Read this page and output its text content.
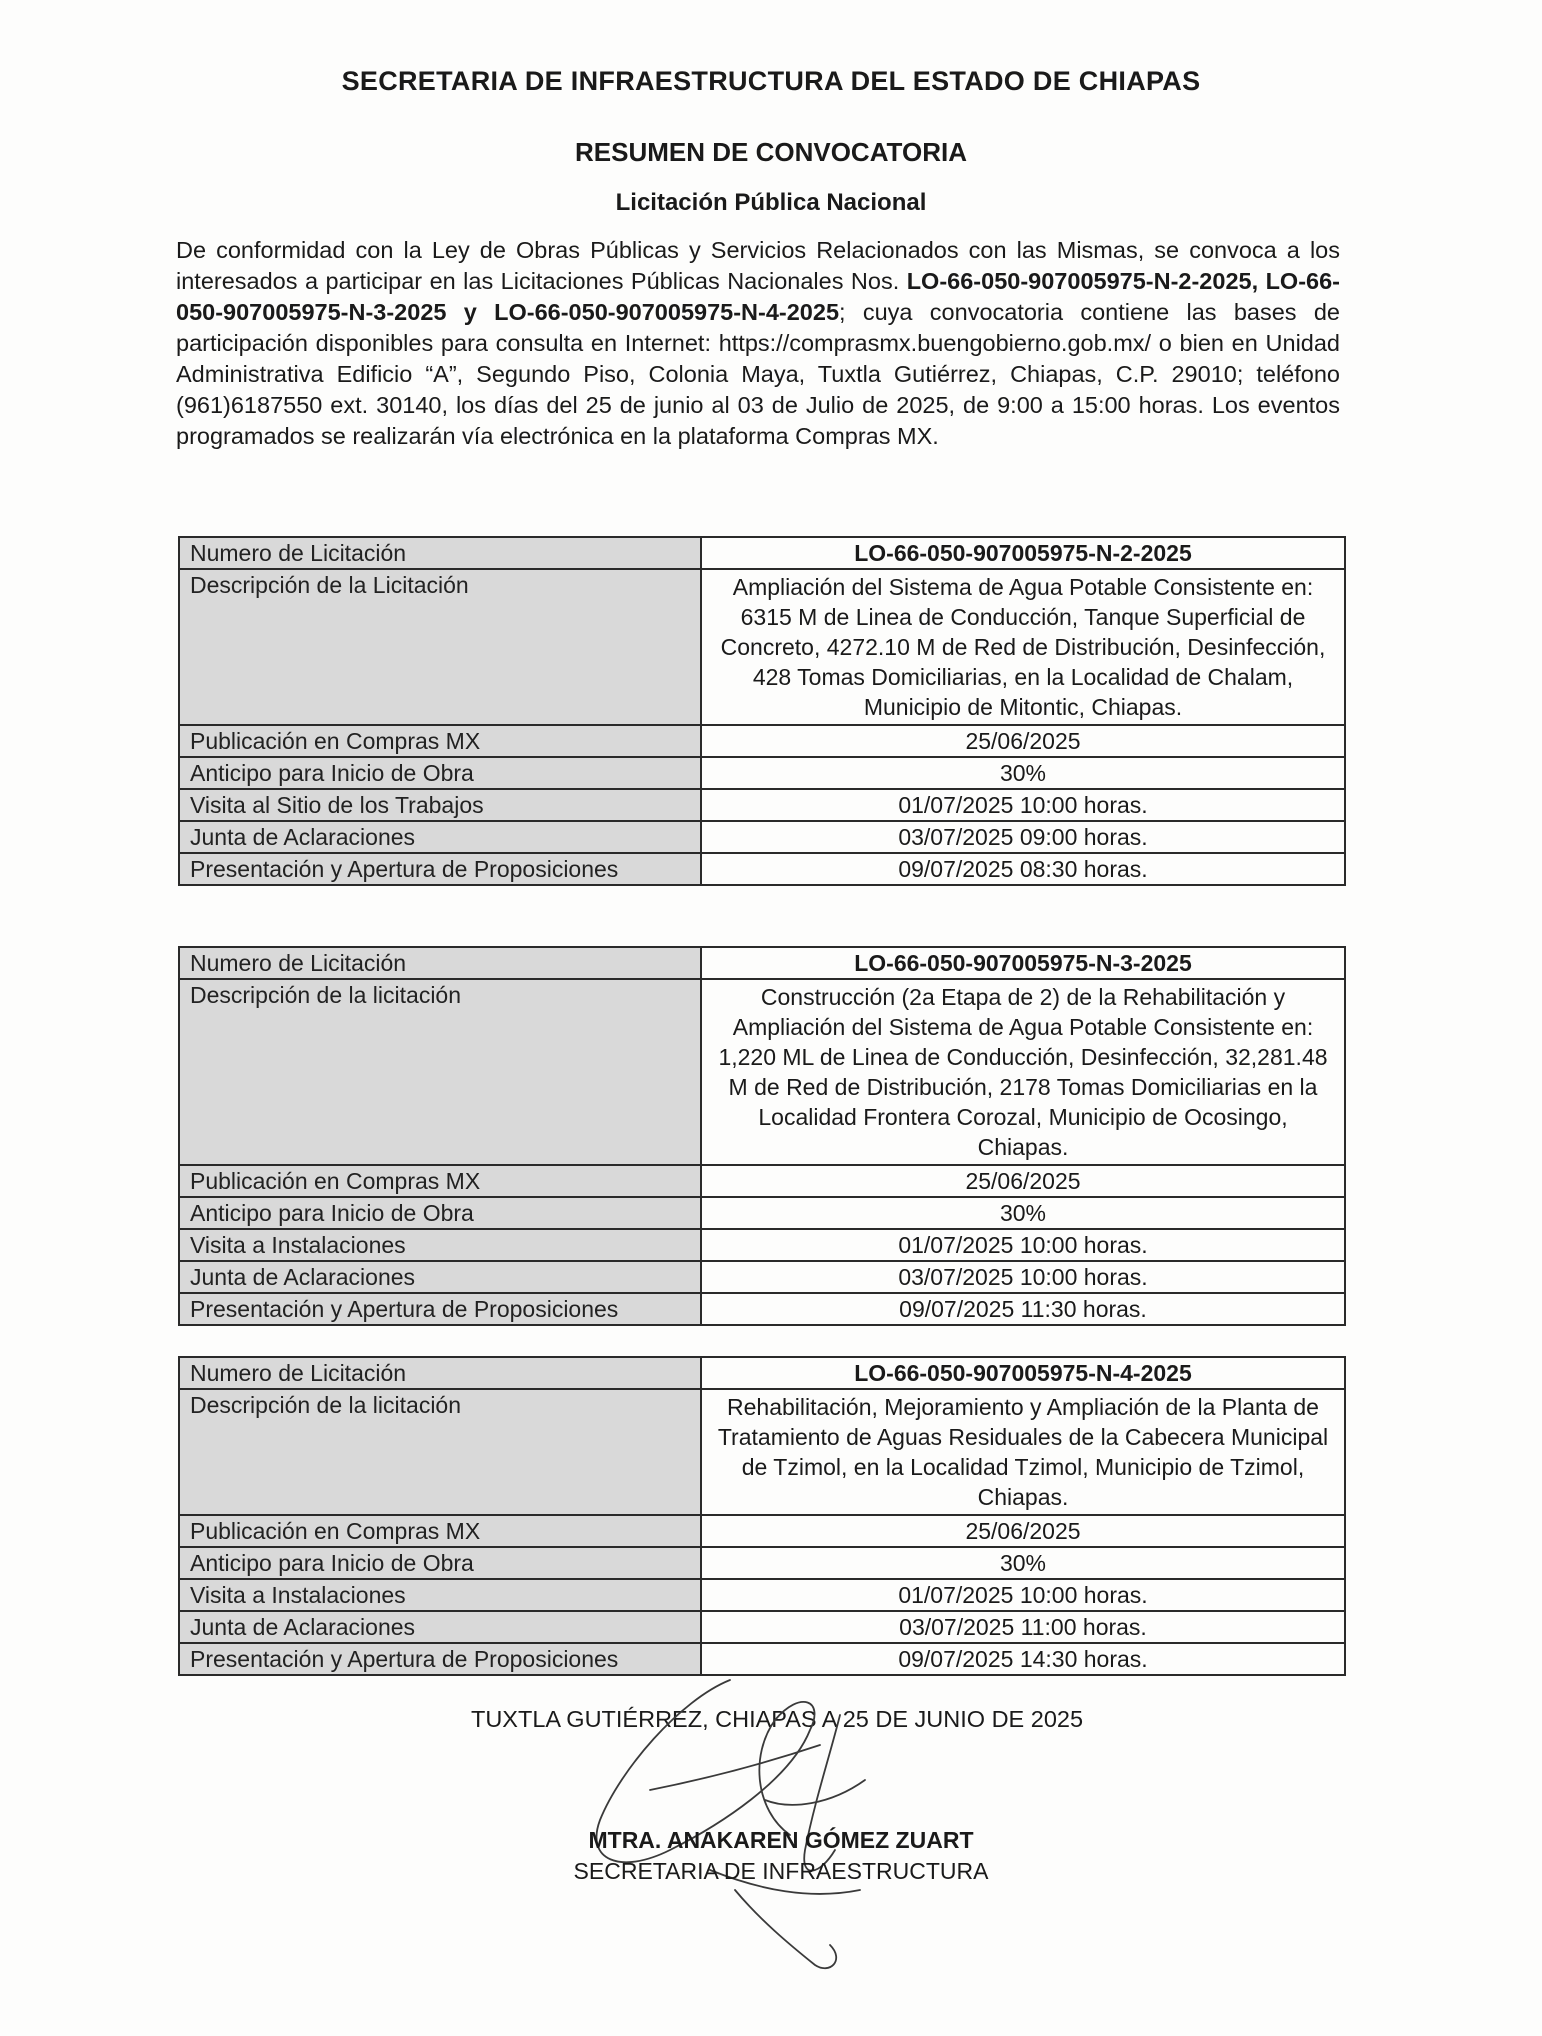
SECRETARIA DE INFRAESTRUCTURA DEL ESTADO DE CHIAPAS
RESUMEN DE CONVOCATORIA
Licitación Pública Nacional
De conformidad con la Ley de Obras Públicas y Servicios Relacionados con las Mismas, se convoca a los interesados a participar en las Licitaciones Públicas Nacionales Nos. LO-66-050-907005975-N-2-2025, LO-66-050-907005975-N-3-2025 y LO-66-050-907005975-N-4-2025; cuya convocatoria contiene las bases de participación disponibles para consulta en Internet: https://comprasmx.buengobierno.gob.mx/ o bien en Unidad Administrativa Edificio “A”, Segundo Piso, Colonia Maya, Tuxtla Gutiérrez, Chiapas, C.P. 29010; teléfono (961)6187550 ext. 30140, los días del 25 de junio al 03 de Julio de 2025, de 9:00 a 15:00 horas. Los eventos programados se realizarán vía electrónica en la plataforma Compras MX.
Numero de Licitación	LO-66-050-907005975-N-2-2025
Descripción de la Licitación	Ampliación del Sistema de Agua Potable Consistente en: 6315 M de Linea de Conducción, Tanque Superficial de Concreto, 4272.10 M de Red de Distribución, Desinfección, 428 Tomas Domiciliarias, en la Localidad de Chalam, Municipio de Mitontic, Chiapas.
Publicación en Compras MX	25/06/2025
Anticipo para Inicio de Obra	30%
Visita al Sitio de los Trabajos	01/07/2025 10:00 horas.
Junta de Aclaraciones	03/07/2025 09:00 horas.
Presentación y Apertura de Proposiciones	09/07/2025 08:30 horas.
Numero de Licitación	LO-66-050-907005975-N-3-2025
Descripción de la licitación	Construcción (2a Etapa de 2) de la Rehabilitación y Ampliación del Sistema de Agua Potable Consistente en: 1,220 ML de Linea de Conducción, Desinfección, 32,281.48 M de Red de Distribución, 2178 Tomas Domiciliarias en la Localidad Frontera Corozal, Municipio de Ocosingo, Chiapas.
Publicación en Compras MX	25/06/2025
Anticipo para Inicio de Obra	30%
Visita a Instalaciones	01/07/2025 10:00 horas.
Junta de Aclaraciones	03/07/2025 10:00 horas.
Presentación y Apertura de Proposiciones	09/07/2025 11:30 horas.
Numero de Licitación	LO-66-050-907005975-N-4-2025
Descripción de la licitación	Rehabilitación, Mejoramiento y Ampliación de la Planta de Tratamiento de Aguas Residuales de la Cabecera Municipal de Tzimol, en la Localidad Tzimol, Municipio de Tzimol, Chiapas.
Publicación en Compras MX	25/06/2025
Anticipo para Inicio de Obra	30%
Visita a Instalaciones	01/07/2025 10:00 horas.
Junta de Aclaraciones	03/07/2025 11:00 horas.
Presentación y Apertura de Proposiciones	09/07/2025 14:30 horas.
TUXTLA GUTIÉRREZ, CHIAPAS A 25 DE JUNIO DE 2025
MTRA. ANAKAREN GÓMEZ ZUART
SECRETARIA DE INFRAESTRUCTURA
